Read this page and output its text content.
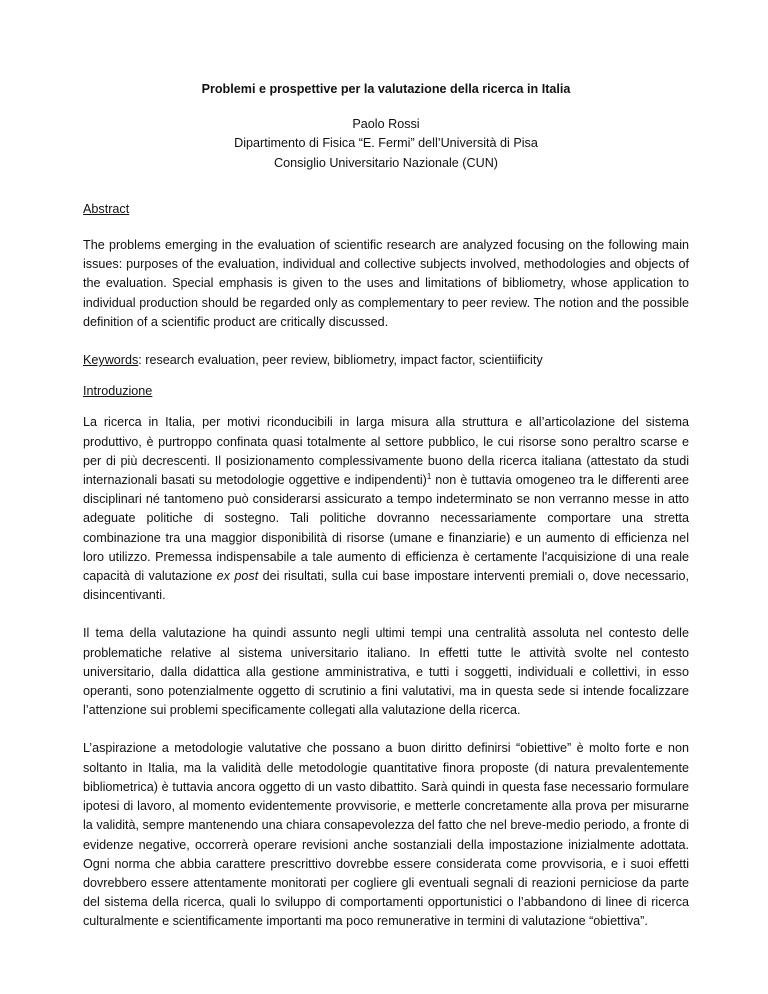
Problemi e prospettive per la valutazione della ricerca in Italia
Paolo Rossi
Dipartimento di Fisica “E. Fermi” dell’Università di Pisa
Consiglio Universitario Nazionale (CUN)
Abstract

The problems emerging in the evaluation of scientific research are analyzed focusing on the following main issues: purposes of the evaluation, individual and collective subjects involved, methodologies and objects of the evaluation. Special emphasis is given to the uses and limitations of bibliometry, whose application to individual production should be regarded only as complementary to peer review. The notion and the possible definition of a scientific product are critically discussed.

Keywords: research evaluation, peer review, bibliometry, impact factor, scientiificity
Introduzione

La ricerca in Italia, per motivi riconducibili in larga misura alla struttura e all’articolazione del sistema produttivo, è purtroppo confinata quasi totalmente al settore pubblico, le cui risorse sono peraltro scarse e per di più decrescenti. Il posizionamento complessivamente buono della ricerca italiana (attestato da studi internazionali basati su metodologie oggettive e indipendenti)$^1$ non è tuttavia omogeneo tra le differenti aree disciplinari né tantomeno può considerarsi assicurato a tempo indeterminato se non verranno messe in atto adeguate politiche di sostegno. Tali politiche dovranno necessariamente comportare una stretta combinazione tra una maggior disponibilità di risorse (umane e finanziarie) e un aumento di efficienza nel loro utilizzo. Premessa indispensabile a tale aumento di efficienza è certamente l'acquisizione di una reale capacità di valutazione ex post dei risultati, sulla cui base impostare interventi premiali o, dove necessario, disincentivanti.

Il tema della valutazione ha quindi assunto negli ultimi tempi una centralità assoluta nel contesto delle problematiche relative al sistema universitario italiano. In effetti tutte le attività svolte nel contesto universitario, dalla didattica alla gestione amministrativa, e tutti i soggetti, individuali e collettivi, in esso operanti, sono potenzialmente oggetto di scrutinio a fini valutativi, ma in questa sede si intende focalizzare l’attenzione sui problemi specificamente collegati alla valutazione della ricerca.

L’aspirazione a metodologie valutative che possano a buon diritto definirsi “obiettive” è molto forte e non soltanto in Italia, ma la validità delle metodologie quantitative finora proposte (di natura prevalentemente bibliometrica) è tuttavia ancora oggetto di un vasto dibattito. Sarà quindi in questa fase necessario formulare ipotesi di lavoro, al momento evidentemente provvisorie, e metterle concretamente alla prova per misurarne la validità, sempre mantenendo una chiara consapevolezza del fatto che nel breve-medio periodo, a fronte di evidenze negative, occorrerà operare revisioni anche sostanziali della impostazione inizialmente adottata. Ogni norma che abbia carattere prescrittivo dovrebbe essere considerata come provvisoria, e i suoi effetti dovrebbero essere attentamente monitorati per cogliere gli eventuali segnali di reazioni perniciose da parte del sistema della ricerca, quali lo sviluppo di comportamenti opportunistici o l’abbandono di linee di ricerca culturalmente e scientificamente importanti ma poco remunerative in termini di valutazione “obiettiva”.
